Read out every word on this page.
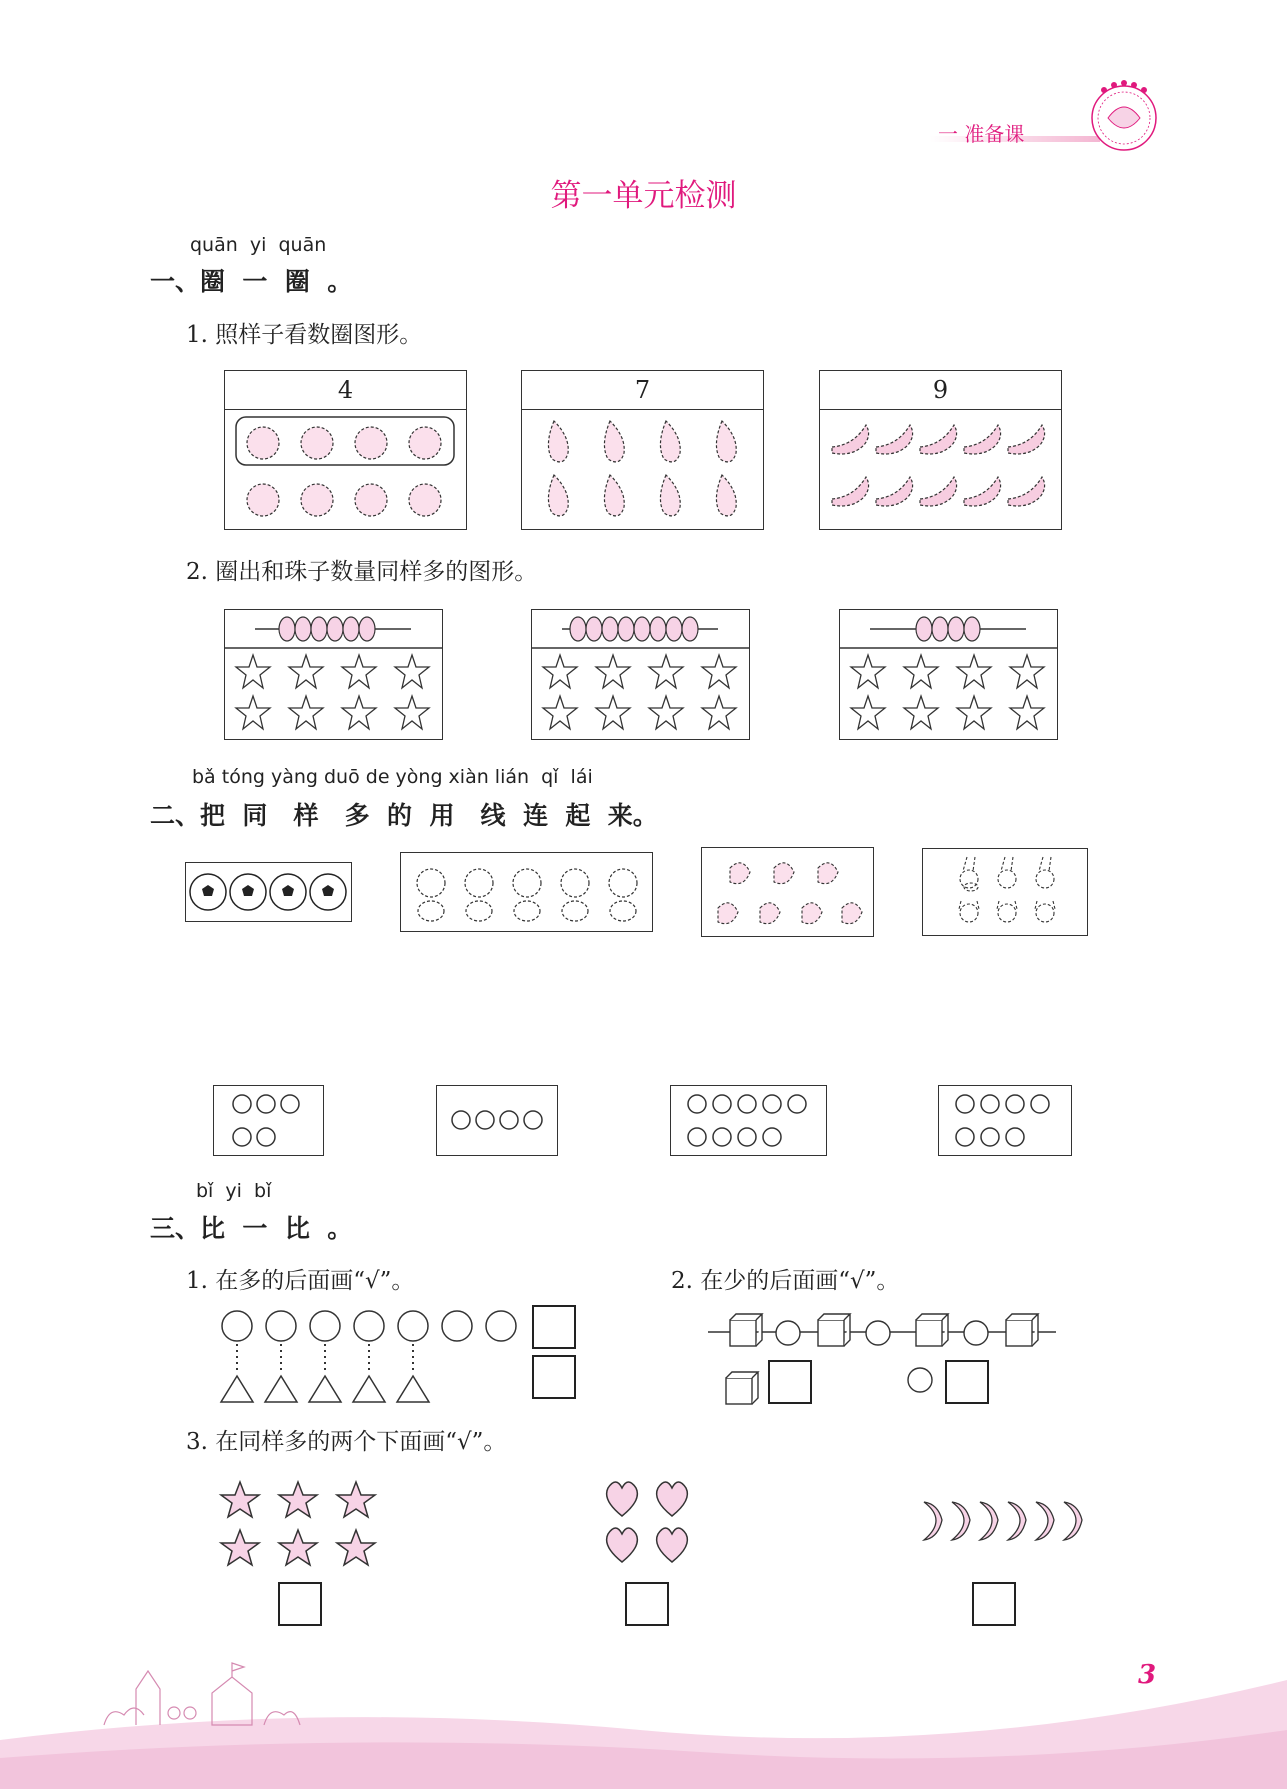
一 准备课
第一单元检测
quān  yi  quān
一、圈  一  圈  。
1. 照样子看数圈图形。
4	7	9
2. 圈出和珠子数量同样多的图形。
bǎ tóng yàng duō de yòng xiàn lián  qǐ  lái
二、把  同   样   多  的  用   线  连  起  来。
bǐ  yi  bǐ
三、比  一  比  。
1. 在多的后面画“√”。	2. 在少的后面画“√”。
3. 在同样多的两个下面画“√”。
3
